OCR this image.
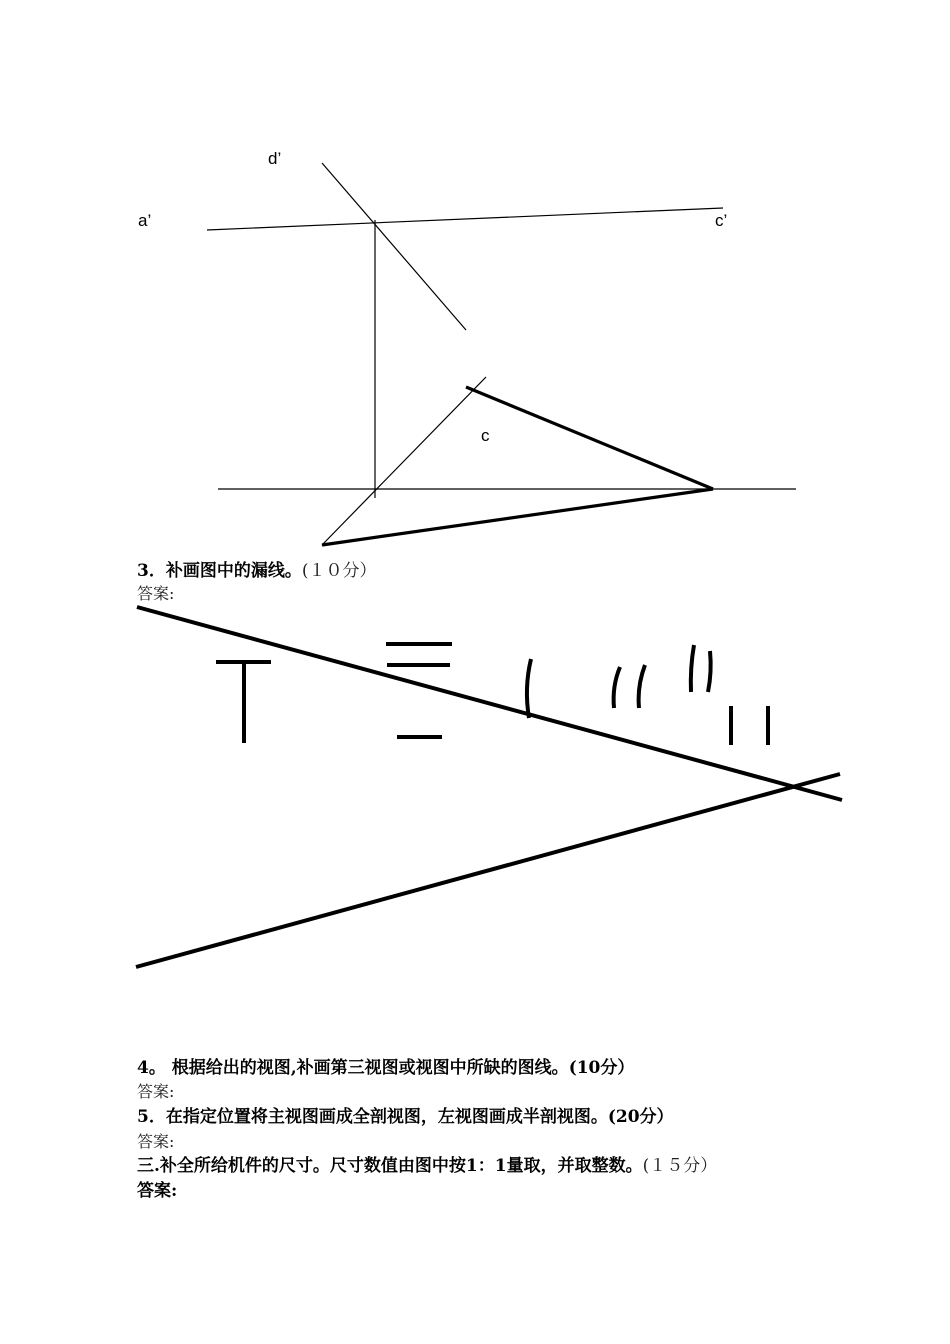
d’
a’	c’
c
3．补画图中的漏线。(１０分）
答案:
4。 根据给出的视图,补画第三视图或视图中所缺的图线。(10分）
答案:
5．在指定位置将主视图画成全剖视图，左视图画成半剖视图。(20分）
答案:
三.补全所给机件的尺寸。尺寸数值由图中按1：1量取，并取整数。(１５分）
答案:
